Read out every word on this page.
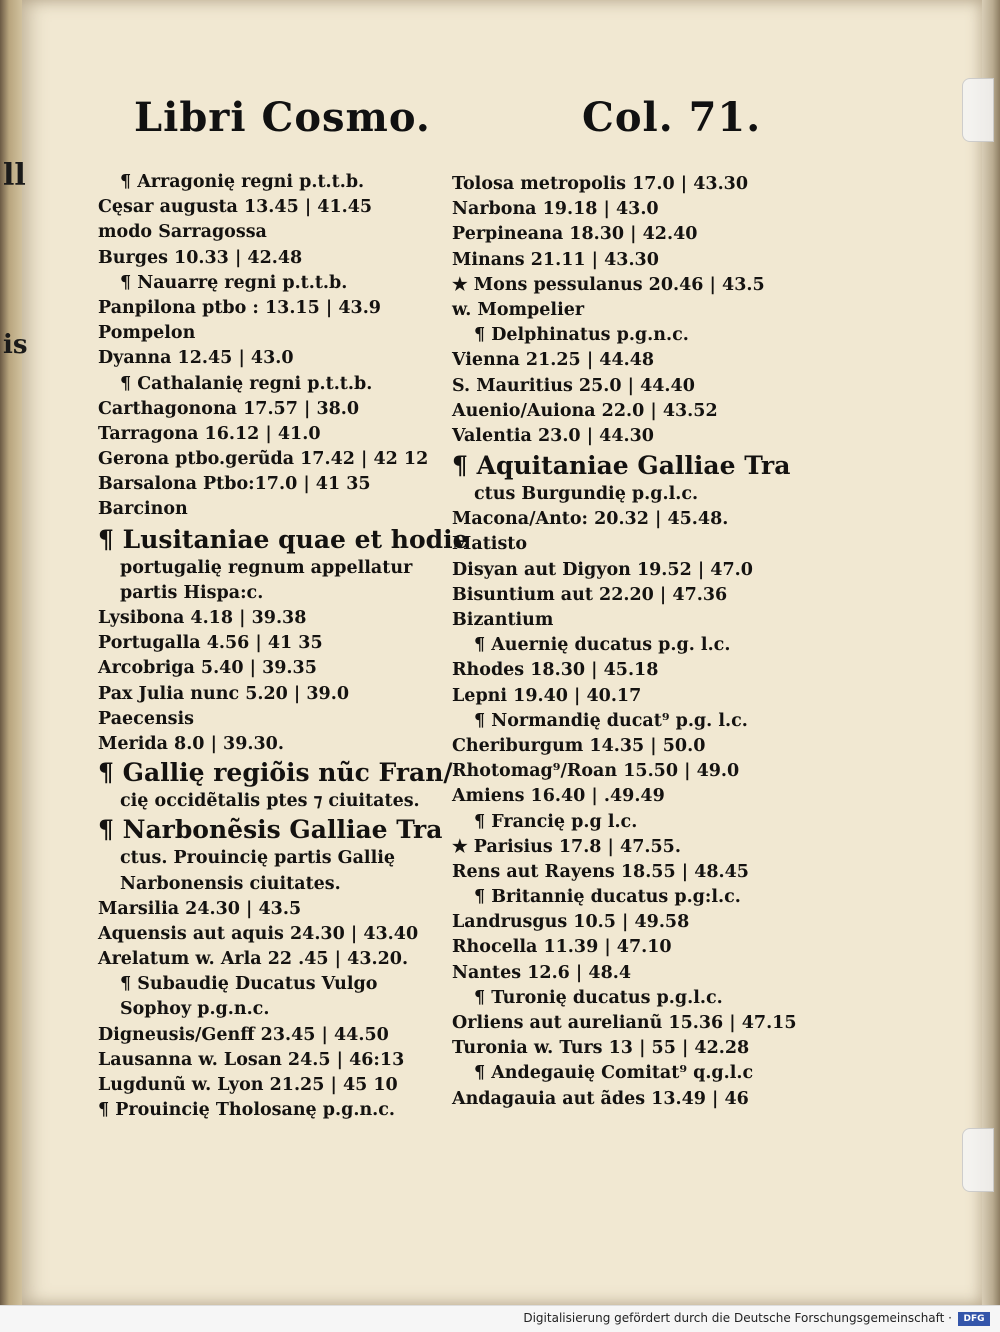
Libri Cosmo.	Col. 71.
¶ Arragonię regni p.t.t.b.
Cęsar augusta 13.45 | 41.45
modo Sarragossa
Burges 10.33 | 42.48
¶ Nauarrę regni p.t.t.b.
Panpilona ptbo : 13.15 | 43.9
Pompelon
Dyanna 12.45 | 43.0
¶ Cathalanię regni p.t.t.b.
Carthagonona 17.57 | 38.0
Tarragona 16.12 | 41.0
Gerona ptbo.gerũda 17.42 | 42 12
Barsalona Ptbo:17.0 | 41 35
Barcinon
¶ Lusitaniae quae et hodie
portugalię regnum appellatur
partis Hispa:c.
Lysibona 4.18 | 39.38
Portugalla 4.56 | 41 35
Arcobriga 5.40 | 39.35
Pax Julia nunc 5.20 | 39.0
Paecensis
Merida 8.0 | 39.30.
¶ Gallię regiõis nũc Fran/
cię occidẽtalis ptes ⁊ ciuitates.
¶ Narbonẽsis Galliae Tra
ctus. Prouincię partis Gallię
Narbonensis ciuitates.
Marsilia 24.30 | 43.5
Aquensis aut aquis 24.30 | 43.40
Arelatum w. Arla 22 .45 | 43.20.
¶ Subaudię Ducatus Vulgo
Sophoy p.g.n.c.
Digneusis/Genff 23.45 | 44.50
Lausanna w. Losan 24.5 | 46:13
Lugdunũ w. Lyon 21.25 | 45 10
¶ Prouincię Tholosanę p.g.n.c.
Tolosa metropolis 17.0 | 43.30
Narbona 19.18 | 43.0
Perpineana 18.30 | 42.40
Minans 21.11 | 43.30
★ Mons pessulanus 20.46 | 43.5
w. Mompelier
¶ Delphinatus p.g.n.c.
Vienna 21.25 | 44.48
S. Mauritius 25.0 | 44.40
Auenio/Auiona 22.0 | 43.52
Valentia 23.0 | 44.30
¶ Aquitaniae Galliae Tra
ctus Burgundię p.g.l.c.
Macona/Anto: 20.32 | 45.48.
Matisto
Disyan aut Digyon 19.52 | 47.0
Bisuntium aut 22.20 | 47.36
Bizantium
¶ Auernię ducatus p.g. l.c.
Rhodes 18.30 | 45.18
Lepni 19.40 | 40.17
¶ Normandię ducat⁹ p.g. l.c.
Cheriburgum 14.35 | 50.0
Rhotomag⁹/Roan 15.50 | 49.0
Amiens 16.40 | .49.49
¶ Francię p.g l.c.
★ Parisius 17.8 | 47.55.
Rens aut Rayens 18.55 | 48.45
¶ Britannię ducatus p.g:l.c.
Landrusgus 10.5 | 49.58
Rhocella 11.39 | 47.10
Nantes 12.6 | 48.4
¶ Turonię ducatus p.g.l.c.
Orliens aut aurelianũ 15.36 | 47.15
Turonia w. Turs 13 | 55 | 42.28
¶ Andegauię Comitat⁹ q.g.l.c
Andagauia aut ãdes 13.49 | 46
ll
is
Digitalisierung gefördert durch die Deutsche Forschungsgemeinschaft ·	DFG
